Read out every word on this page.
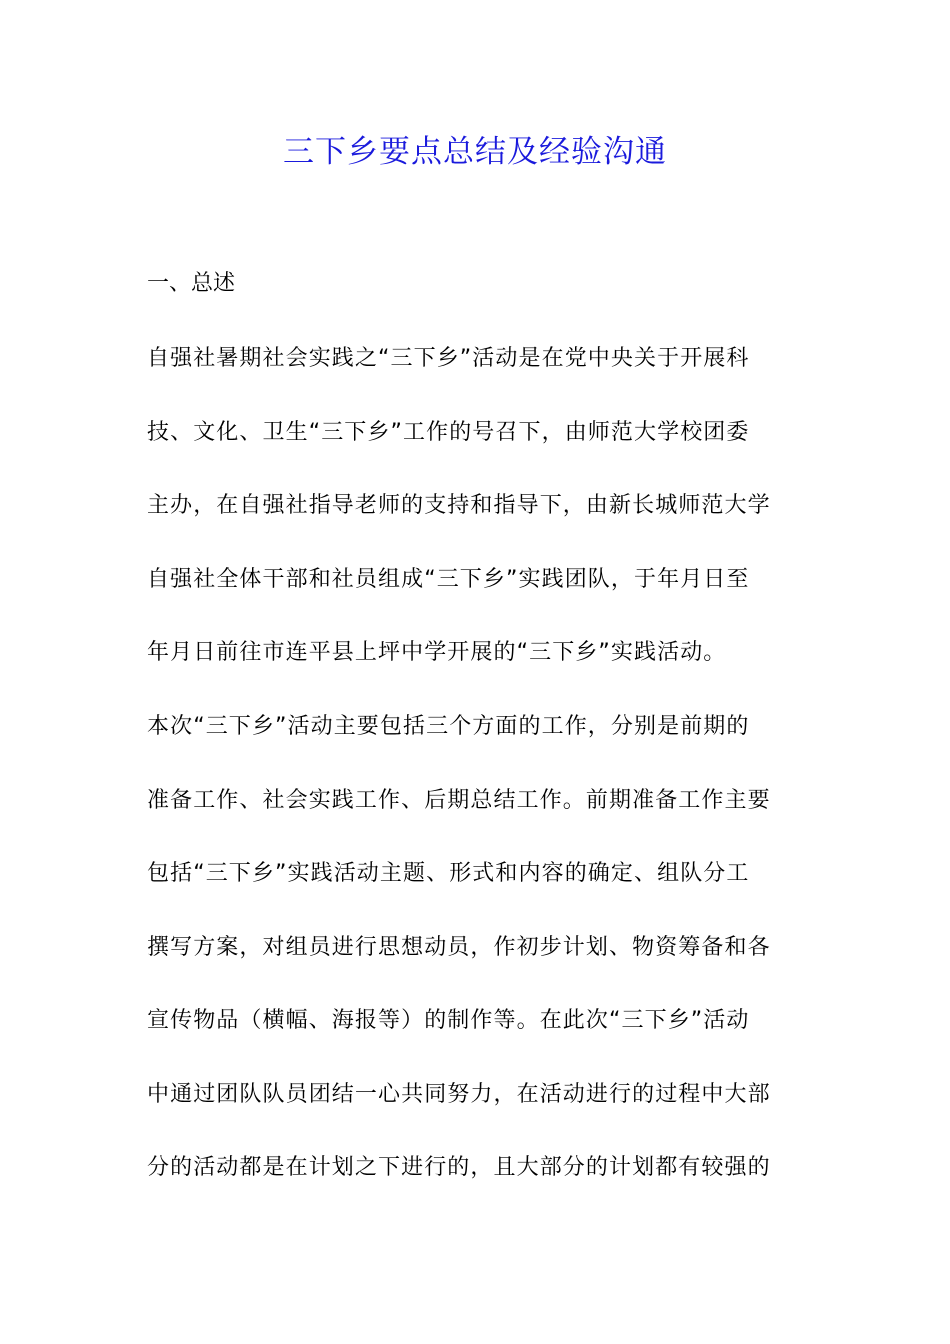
三下乡要点总结及经验沟通
一、总述

自强社暑期社会实践之“三下乡”活动是在党中央关于开展科
技、文化、卫生“三下乡”工作的号召下，由师范大学校团委
主办，在自强社指导老师的支持和指导下，由新长城师范大学
自强社全体干部和社员组成“三下乡”实践团队，于年月日至
年月日前往市连平县上坪中学开展的“三下乡”实践活动。

本次“三下乡”活动主要包括三个方面的工作，分别是前期的
准备工作、社会实践工作、后期总结工作。前期准备工作主要
包括“三下乡”实践活动主题、形式和内容的确定、组队分工
撰写方案，对组员进行思想动员，作初步计划、物资筹备和各
宣传物品（横幅、海报等）的制作等。在此次“三下乡”活动
中通过团队队员团结一心共同努力，在活动进行的过程中大部
分的活动都是在计划之下进行的，且大部分的计划都有较强的
